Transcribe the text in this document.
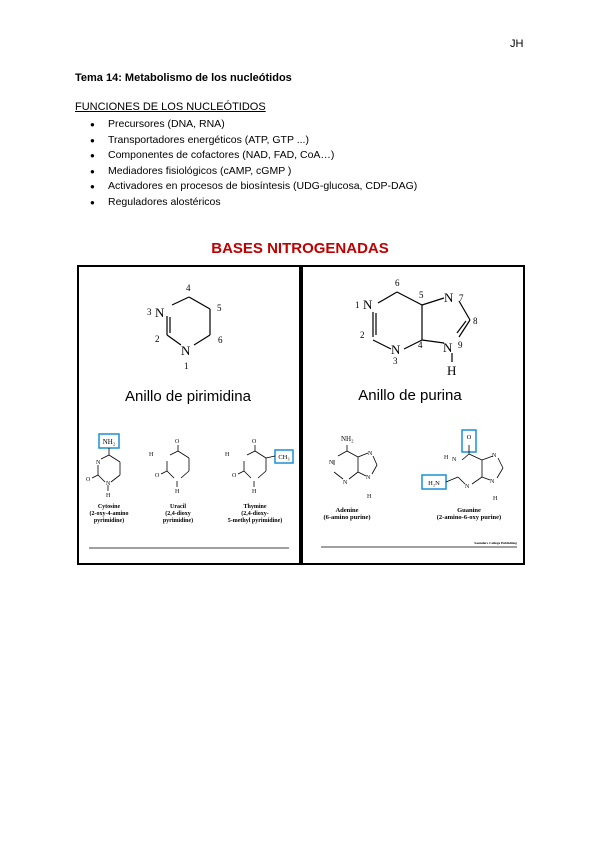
JH
Tema 14: Metabolismo de los nucleótidos
FUNCIONES DE LOS NUCLEÓTIDOS
● Precursores (DNA, RNA)
● Transportadores energéticos (ATP, GTP ...)
● Componentes de cofactores (NAD, FAD, CoA…)
● Mediadores fisiológicos (cAMP, cGMP )
● Activadores en procesos de biosíntesis (UDG-glucosa, CDP-DAG)
● Reguladores alostéricos
BASES NITROGENADAS
4
3 N	5
2
N
6
1
Anillo de pirimidina
6
1 N
5 N 7
8
2
N 4 N 9
3
H
Anillo de purina
NH₂
N
N
O
H
Cytosine
(2-oxy-4-amino
pyrimidine)
O
H
O
H
Uracil
(2,4-dioxy
pyrimidine)
CH₃
O
H
O
H
Thymine
(2,4-dioxy-
5-methyl pyrimidine)
NH₂
N
N
N
N
H
Adenine
(6-amino purine)
O
H₂N
H N
N
N
N
H
Guanine
(2-amino-6-oxy purine)
Saunders College Publishing
